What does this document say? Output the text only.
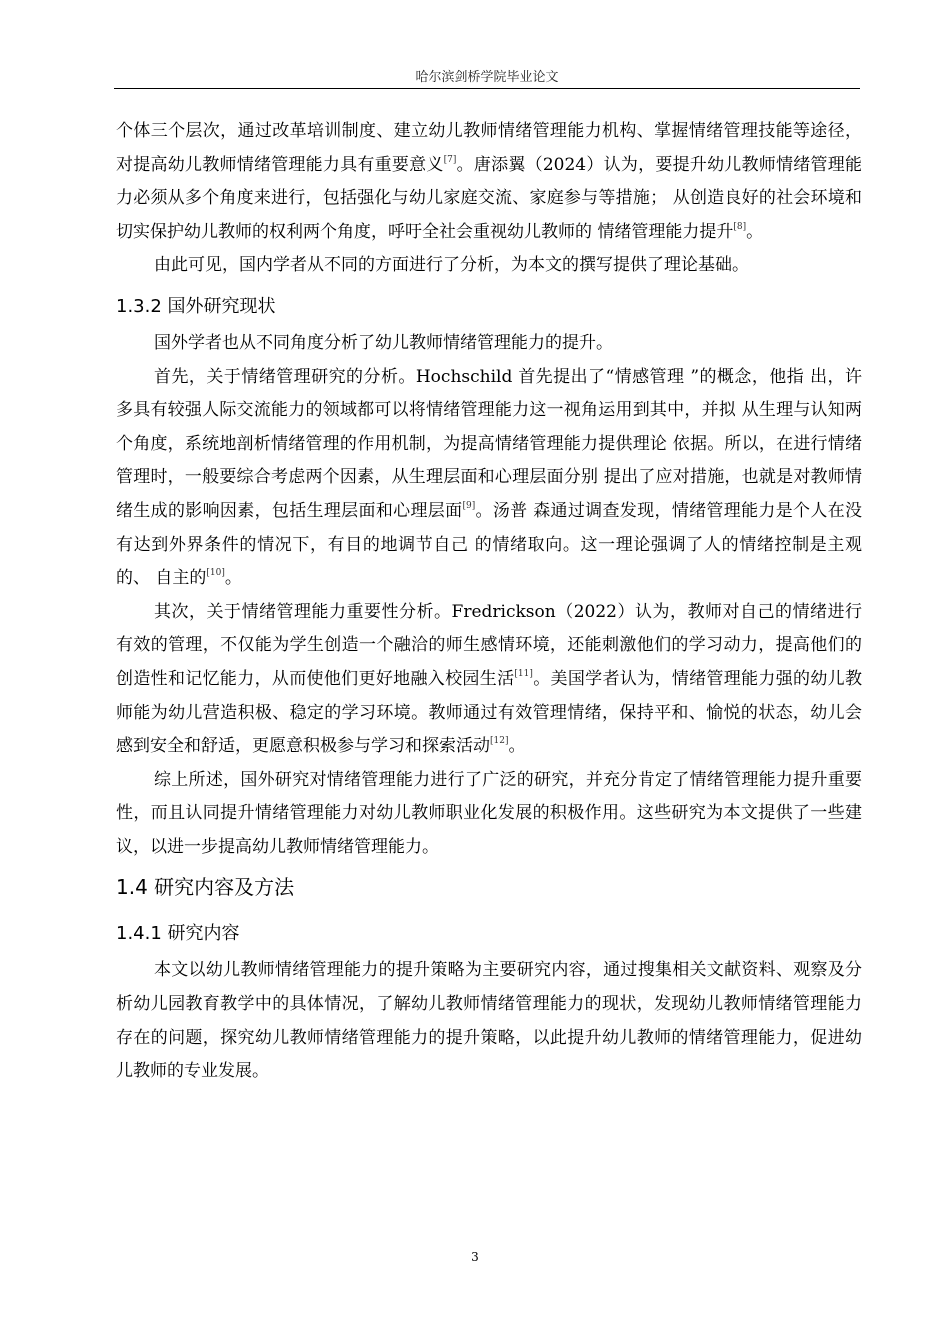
哈尔滨剑桥学院毕业论文

个体三个层次，通过改革培训制度、建立幼儿教师情绪管理能力机构、掌握情绪管理技能等途径，对提高幼儿教师情绪管理能力具有重要意义[7]。唐添翼（2024）认为，要提升幼儿教师情绪管理能力必须从多个角度来进行，包括强化与幼儿家庭交流、家庭参与等措施； 从创造良好的社会环境和切实保护幼儿教师的权利两个角度，呼吁全社会重视幼儿教师的 情绪管理能力提升[8]。

由此可见，国内学者从不同的方面进行了分析，为本文的撰写提供了理论基础。

1.3.2 国外研究现状

国外学者也从不同角度分析了幼儿教师情绪管理能力的提升。

首先，关于情绪管理研究的分析。Hochschild 首先提出了“情感管理 ”的概念，他指 出，许多具有较强人际交流能力的领域都可以将情绪管理能力这一视角运用到其中，并拟 从生理与认知两个角度，系统地剖析情绪管理的作用机制，为提高情绪管理能力提供理论 依据。所以，在进行情绪管理时，一般要综合考虑两个因素，从生理层面和心理层面分别 提出了应对措施，也就是对教师情绪生成的影响因素，包括生理层面和心理层面[9]。汤普 森通过调查发现，情绪管理能力是个人在没有达到外界条件的情况下，有目的地调节自己 的情绪取向。这一理论强调了人的情绪控制是主观的、 自主的[10]。

其次，关于情绪管理能力重要性分析。Fredrickson（2022）认为，教师对自己的情绪进行有效的管理，不仅能为学生创造一个融洽的师生感情环境，还能刺激他们的学习动力，提高他们的创造性和记忆能力，从而使他们更好地融入校园生活[11]。美国学者认为，情绪管理能力强的幼儿教师能为幼儿营造积极、稳定的学习环境。教师通过有效管理情绪，保持平和、愉悦的状态，幼儿会感到安全和舒适，更愿意积极参与学习和探索活动[12]。

综上所述，国外研究对情绪管理能力进行了广泛的研究，并充分肯定了情绪管理能力提升重要性，而且认同提升情绪管理能力对幼儿教师职业化发展的积极作用。这些研究为本文提供了一些建议，以进一步提高幼儿教师情绪管理能力。

1.4 研究内容及方法
1.4.1 研究内容

本文以幼儿教师情绪管理能力的提升策略为主要研究内容，通过搜集相关文献资料、观察及分析幼儿园教育教学中的具体情况，了解幼儿教师情绪管理能力的现状，发现幼儿教师情绪管理能力存在的问题，探究幼儿教师情绪管理能力的提升策略，以此提升幼儿教师的情绪管理能力，促进幼儿教师的专业发展。

3
